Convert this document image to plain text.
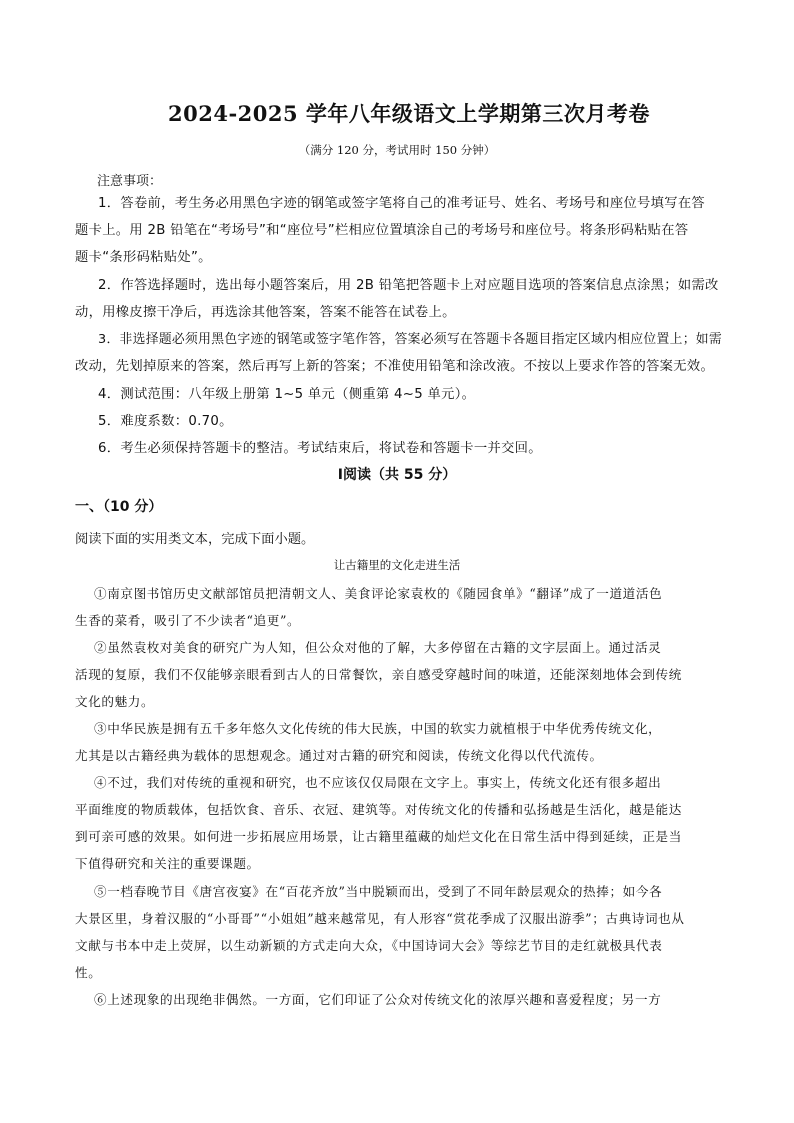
2024-2025 学年八年级语文上学期第三次月考卷
（满分 120 分，考试用时 150 分钟）
注意事项：
1．答卷前，考生务必用黑色字迹的钢笔或签字笔将自己的准考证号、姓名、考场号和座位号填写在答
题卡上。用 2B 铅笔在“考场号”和“座位号”栏相应位置填涂自己的考场号和座位号。将条形码粘贴在答
题卡“条形码粘贴处”。
2．作答选择题时，选出每小题答案后，用 2B 铅笔把答题卡上对应题目选项的答案信息点涂黑；如需改
动，用橡皮擦干净后，再选涂其他答案，答案不能答在试卷上。
3．非选择题必须用黑色字迹的钢笔或签字笔作答，答案必须写在答题卡各题目指定区域内相应位置上；如需
改动，先划掉原来的答案，然后再写上新的答案；不准使用铅笔和涂改液。不按以上要求作答的答案无效。
4．测试范围：八年级上册第 1~5 单元（侧重第 4~5 单元）。
5．难度系数：0.70。
6．考生必须保持答题卡的整洁。考试结束后，将试卷和答题卡一并交回。
Ⅰ阅读（共 55 分）
一、（10 分）
阅读下面的实用类文本，完成下面小题。
让古籍里的文化走进生活
①南京图书馆历史文献部馆员把清朝文人、美食评论家袁枚的《随园食单》“翻译”成了一道道活色
生香的菜肴，吸引了不少读者“追更”。
②虽然袁枚对美食的研究广为人知，但公众对他的了解，大多停留在古籍的文字层面上。通过活灵
活现的复原，我们不仅能够亲眼看到古人的日常餐饮，亲自感受穿越时间的味道，还能深刻地体会到传统
文化的魅力。
③中华民族是拥有五千多年悠久文化传统的伟大民族，中国的软实力就植根于中华优秀传统文化，
尤其是以古籍经典为载体的思想观念。通过对古籍的研究和阅读，传统文化得以代代流传。
④不过，我们对传统的重视和研究，也不应该仅仅局限在文字上。事实上，传统文化还有很多超出
平面维度的物质载体，包括饮食、音乐、衣冠、建筑等。对传统文化的传播和弘扬越是生活化，越是能达
到可亲可感的效果。如何进一步拓展应用场景，让古籍里蕴藏的灿烂文化在日常生活中得到延续，正是当
下值得研究和关注的重要课题。
⑤一档春晚节目《唐宫夜宴》在“百花齐放”当中脱颖而出，受到了不同年龄层观众的热捧；如今各
大景区里，身着汉服的“小哥哥”“小姐姐”越来越常见，有人形容“赏花季成了汉服出游季”；古典诗词也从
文献与书本中走上荧屏，以生动新颖的方式走向大众，《中国诗词大会》等综艺节目的走红就极具代表
性。
⑥上述现象的出现绝非偶然。一方面，它们印证了公众对传统文化的浓厚兴趣和喜爱程度；另一方
